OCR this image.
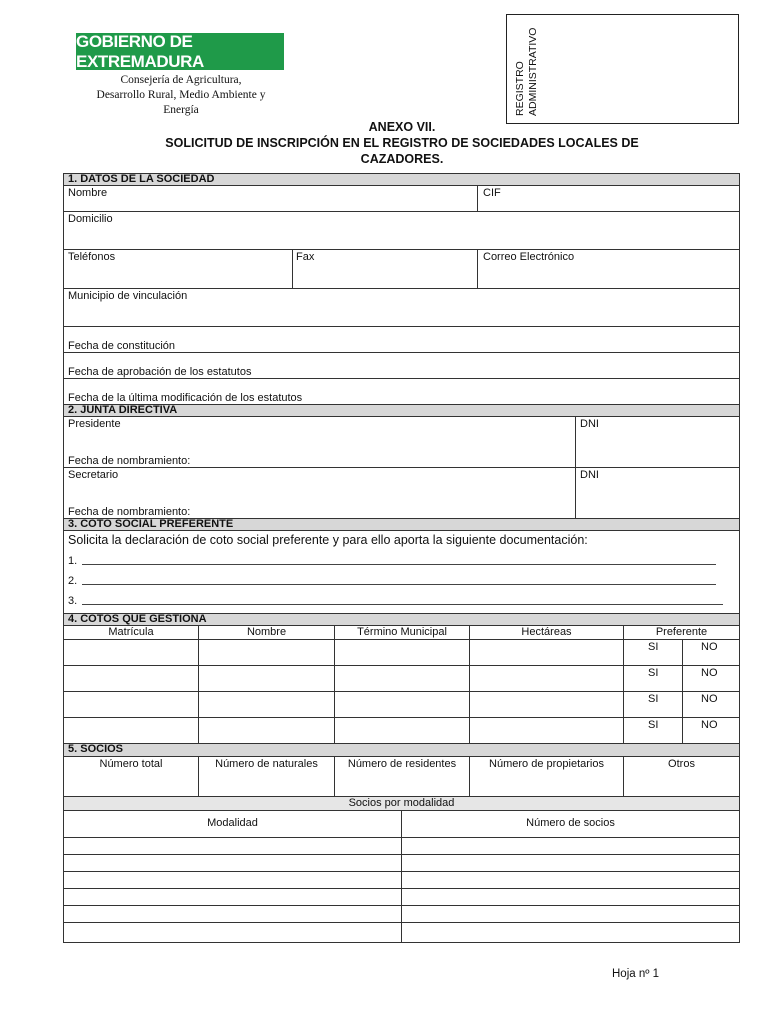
GOBIERNO DE EXTREMADURA
Consejería de Agricultura,
Desarrollo Rural, Medio Ambiente y Energía	REGISTRO ADMINISTRATIVO
ANEXO VII.
SOLICITUD DE INSCRIPCIÓN EN EL REGISTRO DE SOCIEDADES LOCALES DE
CAZADORES.
1. DATOS DE LA SOCIEDAD
Nombre	CIF
Domicilio
Teléfonos	Fax	Correo Electrónico
Municipio de vinculación
Fecha de constitución
Fecha de aprobación de los estatutos
Fecha de la última modificación de los estatutos
2. JUNTA DIRECTIVA
Presidente
Fecha de nombramiento:
DNI
Secretario
Fecha de nombramiento:
DNI
3. COTO SOCIAL PREFERENTE
Solicita la declaración de coto social preferente y para ello aporta la siguiente documentación:
1.
2.
3.
4. COTOS QUE GESTIONA
Matrícula	Nombre	Término Municipal	Hectáreas	Preferente
SI	NO
SI	NO
SI	NO
SI	NO
5. SOCIOS
Número total	Número de naturales	Número de residentes	Número de propietarios	Otros
Socios por modalidad
Modalidad	Número de socios
Hoja nº 1
